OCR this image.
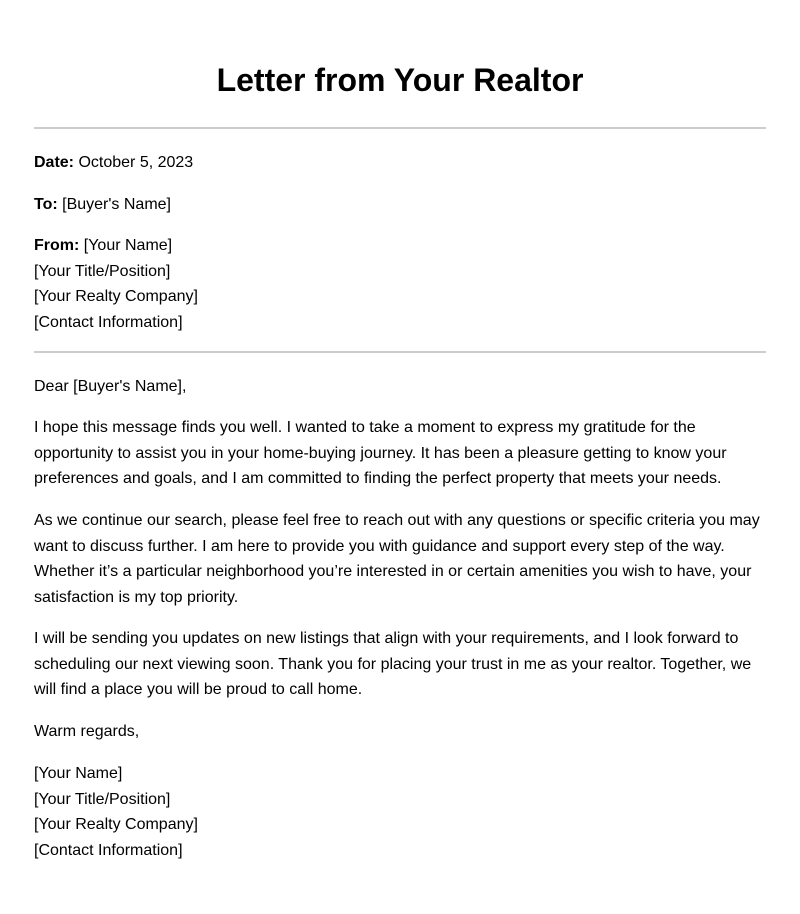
Letter from Your Realtor

Date: October 5, 2023

To: [Buyer's Name]

From: [Your Name]

[Your Title/Position]

[Your Realty Company]

[Contact Information]

Dear [Buyer's Name],

I hope this message finds you well. I wanted to take a moment to express my gratitude for the opportunity to assist you in your home-buying journey. It has been a pleasure getting to know your preferences and goals, and I am committed to finding the perfect property that meets your needs.

As we continue our search, please feel free to reach out with any questions or specific criteria you may want to discuss further. I am here to provide you with guidance and support every step of the way. Whether it’s a particular neighborhood you’re interested in or certain amenities you wish to have, your satisfaction is my top priority.

I will be sending you updates on new listings that align with your requirements, and I look forward to scheduling our next viewing soon. Thank you for placing your trust in me as your realtor. Together, we will find a place you will be proud to call home.

Warm regards,

[Your Name]

[Your Title/Position]

[Your Realty Company]

[Contact Information]
